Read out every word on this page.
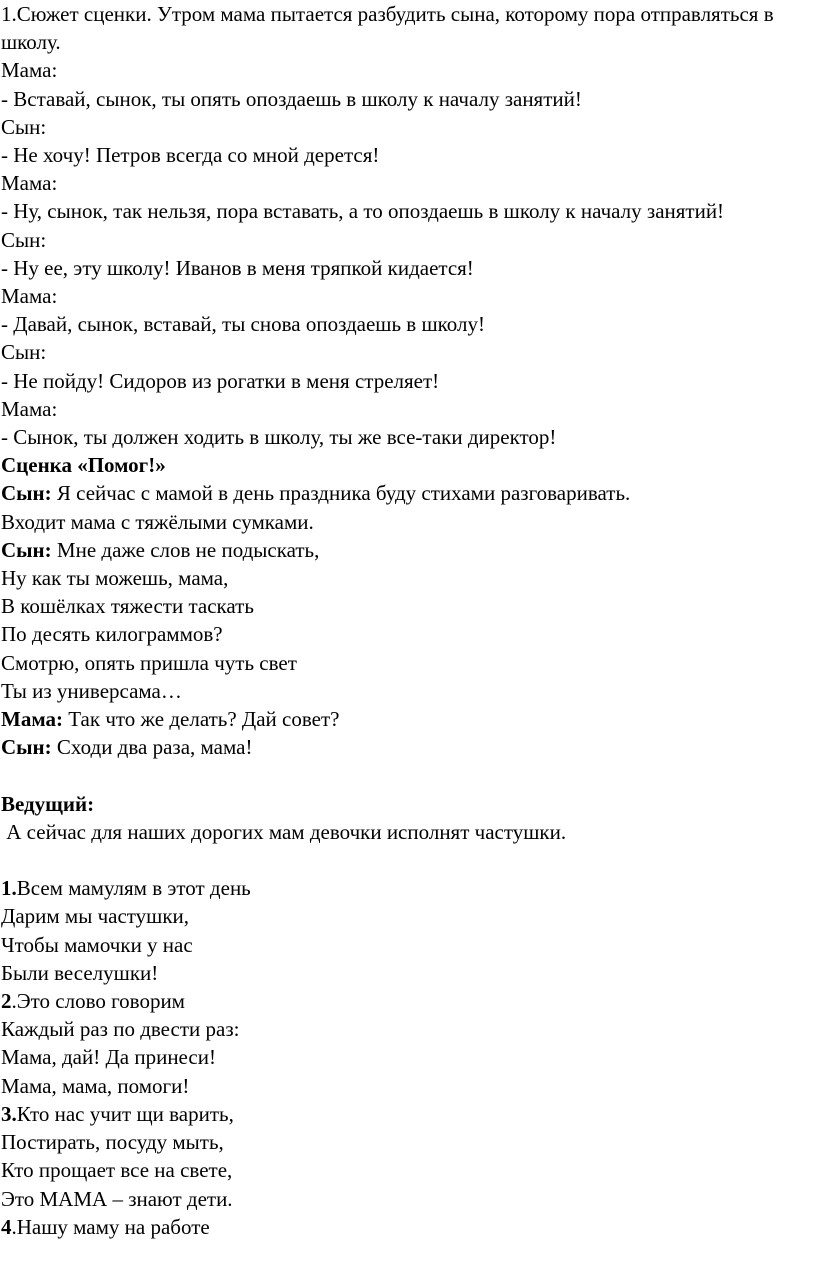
1.Сюжет сценки. Утром мама пытается разбудить сына, которому пора отправляться в школу.
Мама:
- Вставай, сынок, ты опять опоздаешь в школу к началу занятий!
Сын:
- Не хочу! Петров всегда со мной дерется!
Мама:
- Ну, сынок, так нельзя, пора вставать, а то опоздаешь в школу к началу занятий!
Сын:
- Ну ее, эту школу! Иванов в меня тряпкой кидается!
Мама:
- Давай, сынок, вставай, ты снова опоздаешь в школу!
Сын:
- Не пойду! Сидоров из рогатки в меня стреляет!
Мама:
- Сынок, ты должен ходить в школу, ты же все-таки директор!
Сценка «Помог!»
Сын: Я сейчас с мамой в день праздника буду стихами разговаривать.
Входит мама с тяжёлыми сумками.
Сын: Мне даже слов не подыскать,
Ну как ты можешь, мама,
В кошёлках тяжести таскать
По десять килограммов?
Смотрю, опять пришла чуть свет
Ты из универсама…
Мама: Так что же делать? Дай совет?
Сын: Сходи два раза, мама!
Ведущий:
А сейчас для наших дорогих мам девочки исполнят частушки.
1.Всем мамулям в этот день
Дарим мы частушки,
Чтобы мамочки у нас
Были веселушки!
2.Это слово говорим
Каждый раз по двести раз:
Мама, дай! Да принеси!
Мама, мама, помоги!
3.Кто нас учит щи варить,
Постирать, посуду мыть,
Кто прощает все на свете,
Это МАМА – знают дети.
4.Нашу маму на работе
